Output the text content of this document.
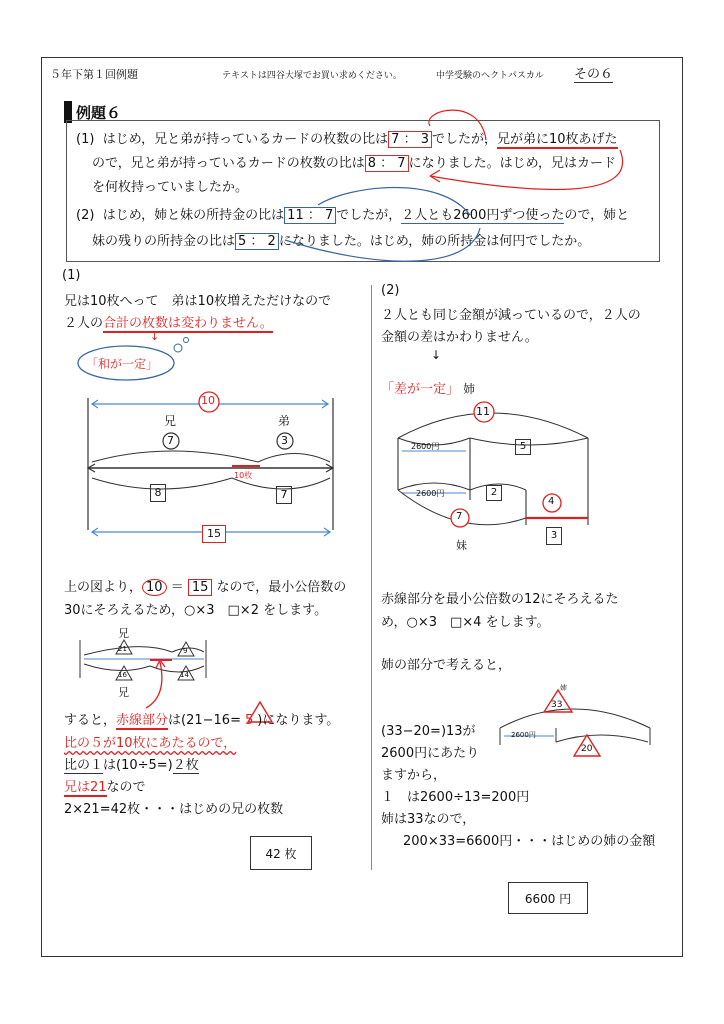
５年下第１回例題	テキストは四谷大塚でお買い求めください。	中学受験のヘクトパスカル その６
例題６
(1) はじめ，兄と弟が持っているカードの枚数の比は 7 ： 3 でしたが，兄が弟に10枚あげた
ので，兄と弟が持っているカードの枚数の比は 8 ： 7 になりました。はじめ，兄はカード
を何枚持っていましたか。
(2) はじめ，姉と妹の所持金の比は 11 ： 7 でしたが，２人とも2600円ずつ使ったので，姉と
妹の残りの所持金の比は 5 ： 2 になりました。はじめ，姉の所持金は何円でしたか。
(1)
兄は10枚へって　弟は10枚増えただけなので
２人の合計の枚数は変わりません。
↓
「和が一定」
10
兄
7
弟
3
10枚
8	7
15
上の図より， 10 ＝ 15 なので，最小公倍数の
30にそろえるため，○×3　□×2 をします。
兄
兄
21	9
16	14
すると，赤線部分は(21−16= 5 )になります。
比の５が10枚にあたるので，
比の１は(10÷5=)２枚
兄は21なので
2×21=42枚・・・はじめの兄の枚数
42 枚
(2)
２人とも同じ金額が減っているので，２人の
金額の差はかわりません。
↓
「差が一定」 姉
11
2600円	5
2600円	2
4
7
3
妹
赤線部分を最小公倍数の12にそろえるた
め，○×3　□×4 をします。
姉の部分で考えると，
姉
33
2600円
20
(33−20=)13が
2600円にあたり
ますから，
１　は2600÷13=200円
姉は33なので，
200×33=6600円・・・はじめの姉の金額
6600 円
